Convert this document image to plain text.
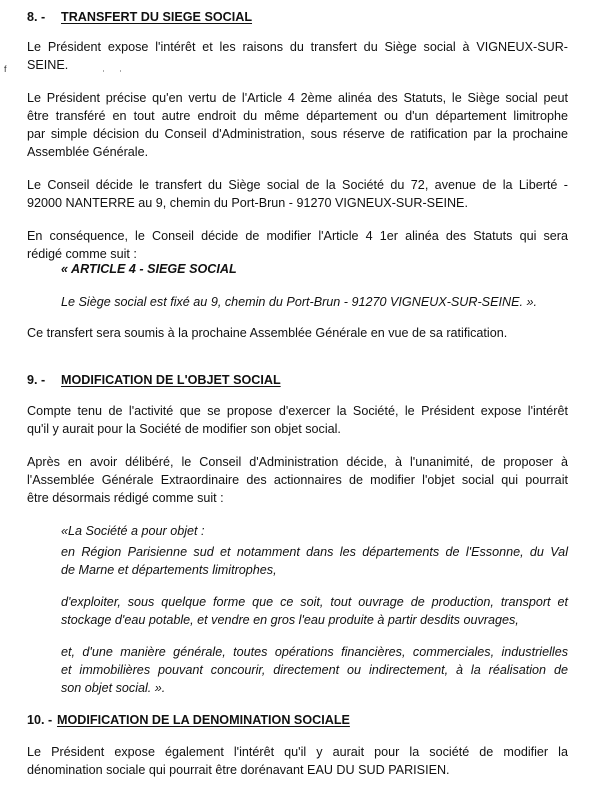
f
8. - TRANSFERT DU SIEGE SOCIAL
Le Président expose l'intérêt et les raisons du transfert du Siège social à VIGNEUX-SUR-
SEINE.
Le Président précise qu'en vertu de l'Article 4 2ème alinéa des Statuts, le Siège social peut
être transféré en tout autre endroit du même département ou d'un département limitrophe
par simple décision du Conseil d'Administration, sous réserve de ratification par la prochaine
Assemblée Générale.
Le Conseil décide le transfert du Siège social de la Société du 72, avenue de la Liberté -
92000 NANTERRE au 9, chemin du Port-Brun - 91270 VIGNEUX-SUR-SEINE.
En conséquence, le Conseil décide de modifier l'Article 4 1er alinéa des Statuts qui sera
rédigé comme suit :
« ARTICLE 4 - SIEGE SOCIAL
Le Siège social est fixé au 9, chemin du Port-Brun - 91270 VIGNEUX-SUR-SEINE. ».
Ce transfert sera soumis à la prochaine Assemblée Générale en vue de sa ratification.
9. - MODIFICATION DE L'OBJET SOCIAL
Compte tenu de l'activité que se propose d'exercer la Société, le Président expose l'intérêt
qu'il y aurait pour la Société de modifier son objet social.
Après en avoir délibéré, le Conseil d'Administration décide, à l'unanimité, de proposer à
l'Assemblée Générale Extraordinaire des actionnaires de modifier l'objet social qui pourrait
être désormais rédigé comme suit :
«La Société a pour objet :
en Région Parisienne sud et notamment dans les départements de l'Essonne, du Val
de Marne et départements limitrophes,
d'exploiter, sous quelque forme que ce soit, tout ouvrage de production, transport et
stockage d'eau potable, et vendre en gros l'eau produite à partir desdits ouvrages,
et, d'une manière générale, toutes opérations financières, commerciales, industrielles
et immobilières pouvant concourir, directement ou indirectement, à la réalisation de
son objet social. ».
10. - MODIFICATION DE LA DENOMINATION SOCIALE
Le Président expose également l'intérêt qu'il y aurait pour la société de modifier la
dénomination sociale qui pourrait être dorénavant EAU DU SUD PARISIEN.
